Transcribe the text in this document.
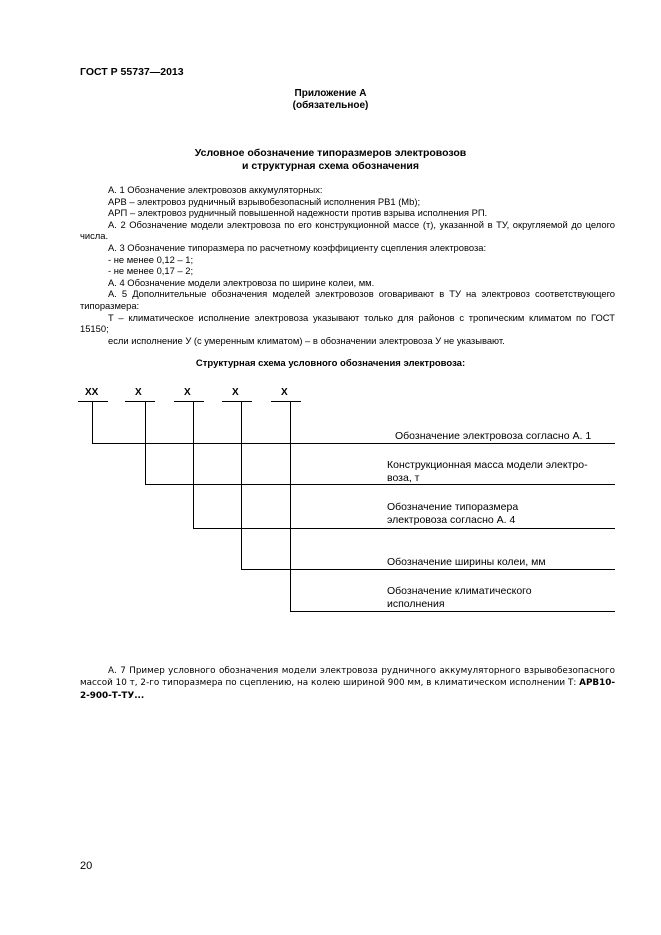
ГОСТ Р 55737—2013
Приложение А
(обязательное)
Условное обозначение типоразмеров электровозов
и структурная схема обозначения

А. 1 Обозначение электровозов аккумуляторных:

АРВ – электровоз рудничный взрывобезопасный исполнения РВ1 (Mb);

АРП – электровоз рудничный повышенной надежности против взрыва исполнения РП.

А. 2 Обозначение модели электровоза по его конструкционной массе (т), указанной в ТУ, округляемой до целого числа.

А. 3 Обозначение типоразмера по расчетному коэффициенту сцепления электровоза:

- не менее 0,12 – 1;

- не менее 0,17 – 2;

А. 4 Обозначение модели электровоза по ширине колеи, мм.

А. 5 Дополнительные обозначения моделей электровозов оговаривают в ТУ на электровоз соответствующего типоразмера:

Т – климатическое исполнение электровоза указывают только для районов с тропическим климатом по ГОСТ 15150;

если исполнение У (с умеренным климатом) – в обозначении электровоза У не указывают.

Структурная схема условного обозначения электровоза:
ХХ	Х	Х	Х	Х
Обозначение электровоза согласно А. 1
Конструкционная масса модели электро-
воза, т
Обозначение типоразмера
электровоза согласно А. 4
Обозначение ширины колеи, мм
Обозначение климатического
исполнения

А. 7 Пример условного обозначения модели электровоза рудничного аккумуляторного взрывобезопасного массой 10 т, 2-го типоразмера по сцеплению, на колею шириной 900 мм, в климатическом исполнении Т: АРВ10-2-900-Т-ТУ...

20
